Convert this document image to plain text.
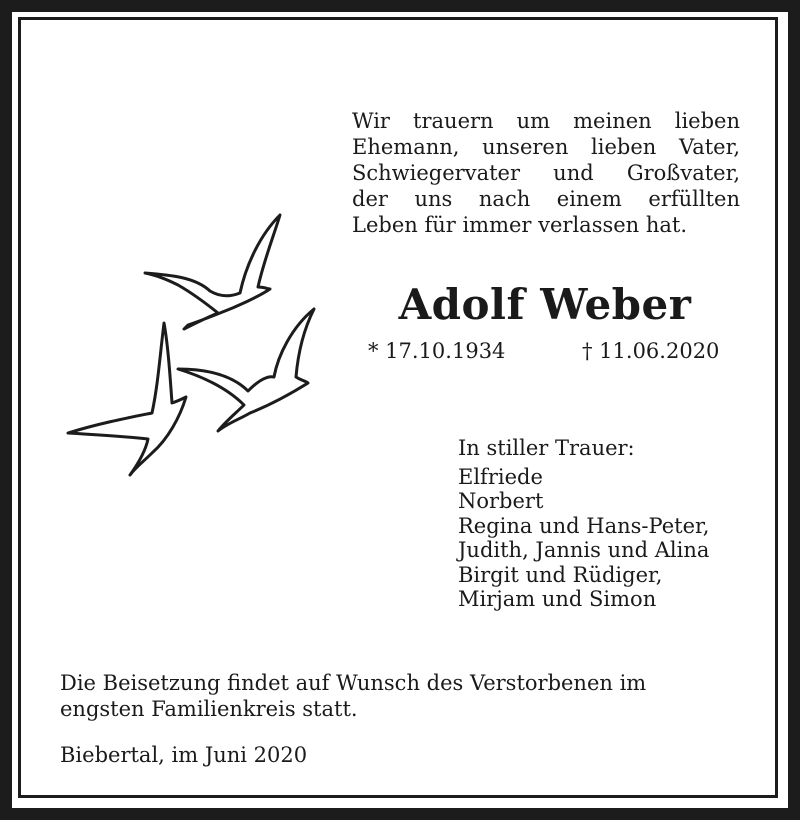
Wir trauern um meinen lieben
Ehemann, unseren lieben Vater,
Schwiegervater und Großvater,
der uns nach einem erfüllten
Leben für immer verlassen hat.
Adolf Weber
* 17.10.1934	† 11.06.2020
In stiller Trauer:
Elfriede
Norbert
Regina und Hans-Peter,
Judith, Jannis und Alina
Birgit und Rüdiger,
Mirjam und Simon
Die Beisetzung findet auf Wunsch des Verstorbenen im
engsten Familienkreis statt.
Biebertal, im Juni 2020
